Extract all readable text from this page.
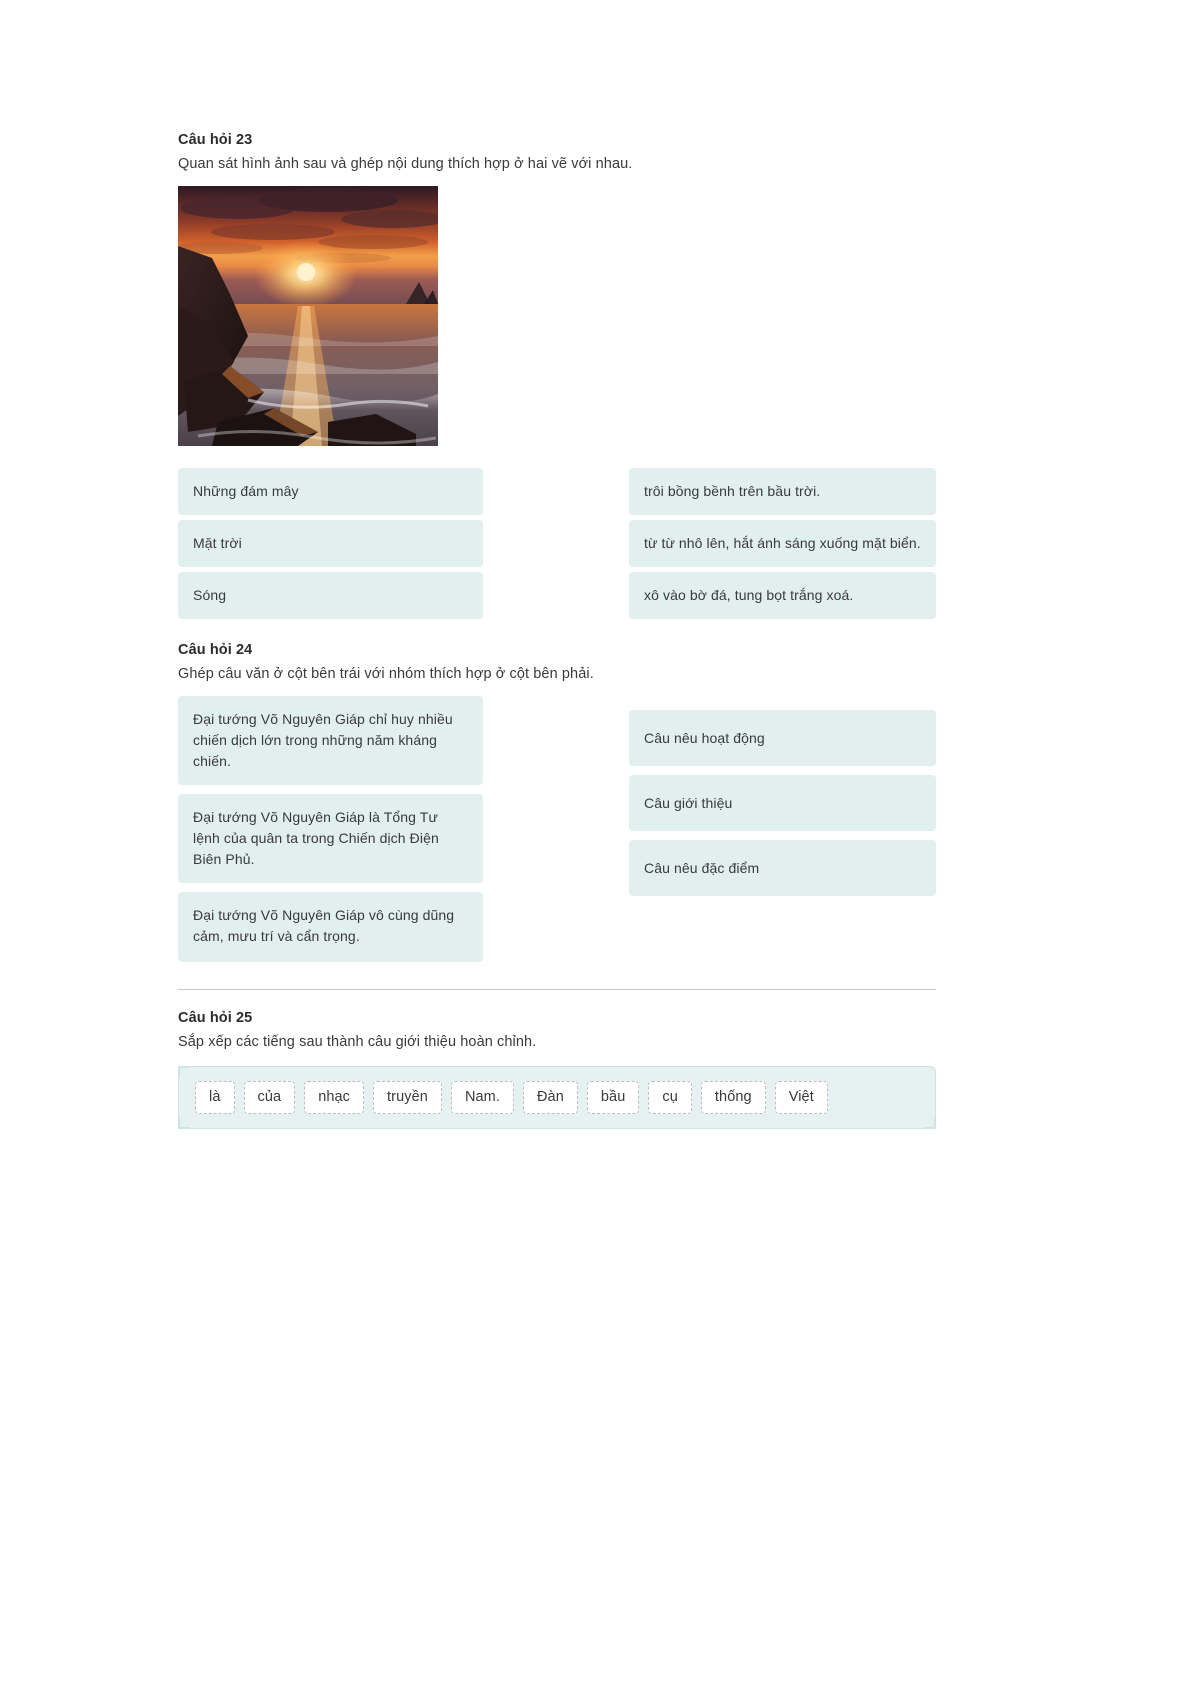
Câu hỏi 23
Quan sát hình ảnh sau và ghép nội dung thích hợp ở hai vẽ với nhau.
Những đám mây
Mặt trời
Sóng
trôi bồng bềnh trên bầu trời.
từ từ nhô lên, hắt ánh sáng xuống mặt biển.
xô vào bờ đá, tung bọt trắng xoá.
Câu hỏi 24
Ghép câu văn ở cột bên trái với nhóm thích hợp ở cột bên phải.
Đại tướng Võ Nguyên Giáp chỉ huy nhiều chiến dịch lớn trong những năm kháng chiến.
Đại tướng Võ Nguyên Giáp là Tổng Tư lệnh của quân ta trong Chiến dịch Điện Biên Phủ.
Đại tướng Võ Nguyên Giáp vô cùng dũng cảm, mưu trí và cẩn trọng.
Câu nêu hoạt động
Câu giới thiệu
Câu nêu đặc điểm
Câu hỏi 25
Sắp xếp các tiếng sau thành câu giới thiệu hoàn chỉnh.
là	của	nhạc	truyền	Nam.	Đàn	bầu	cụ	thống	Việt
